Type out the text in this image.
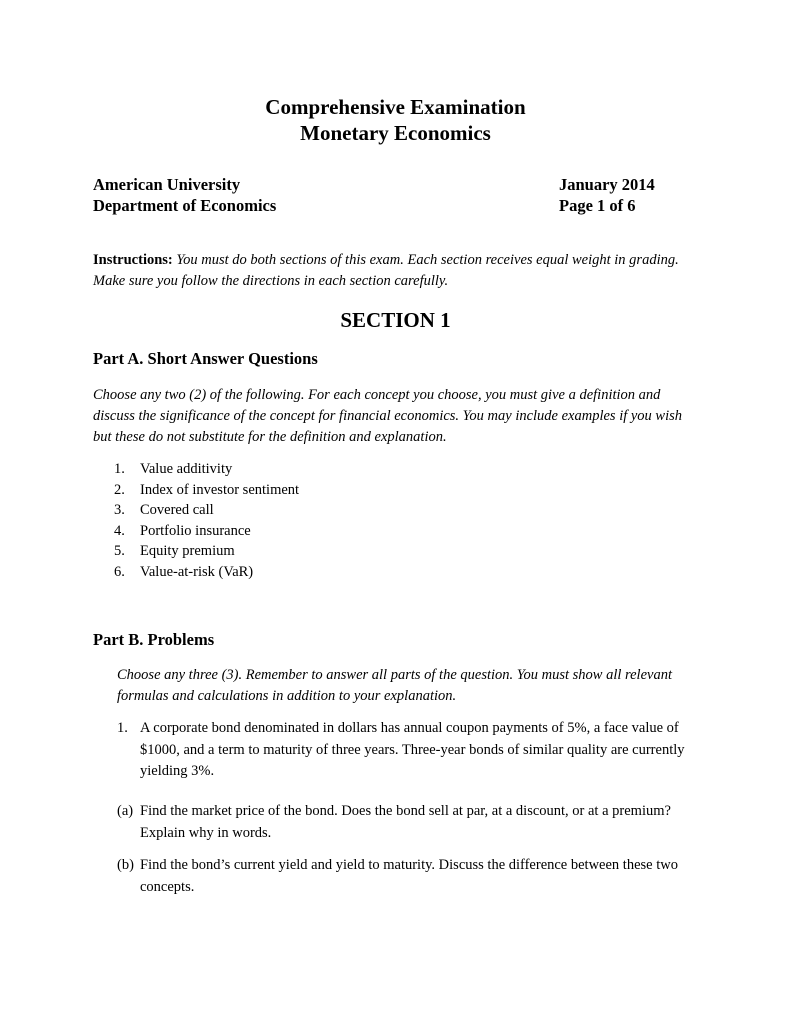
Comprehensive Examination
Monetary Economics
American University
Department of Economics
January 2014
Page 1 of 6
Instructions: You must do both sections of this exam. Each section receives equal weight in grading. Make sure you follow the directions in each section carefully.
SECTION 1
Part A. Short Answer Questions
Choose any two (2) of the following. For each concept you choose, you must give a definition and discuss the significance of the concept for financial economics. You may include examples if you wish but these do not substitute for the definition and explanation.
1.	Value additivity
2.	Index of investor sentiment
3.	Covered call
4.	Portfolio insurance
5.	Equity premium
6.	Value-at-risk (VaR)
Part B. Problems
Choose any three (3). Remember to answer all parts of the question. You must show all relevant formulas and calculations in addition to your explanation.
1. A corporate bond denominated in dollars has annual coupon payments of 5%, a face value of $1000, and a term to maturity of three years. Three-year bonds of similar quality are currently yielding 3%.
(a) Find the market price of the bond. Does the bond sell at par, at a discount, or at a premium? Explain why in words.
(b) Find the bond’s current yield and yield to maturity. Discuss the difference between these two concepts.
